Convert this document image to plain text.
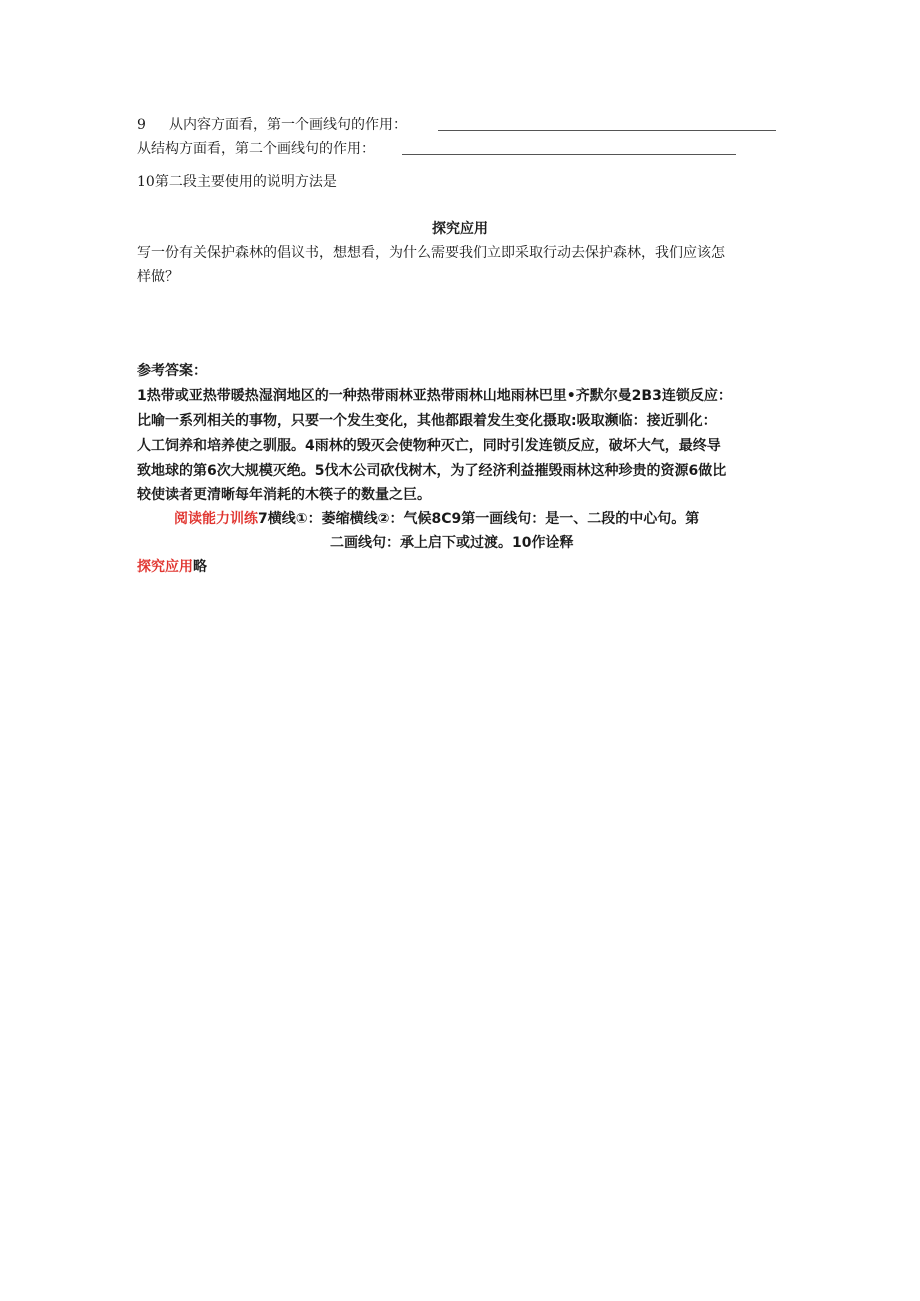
9 从内容方面看，第一个画线句的作用：
从结构方面看，第二个画线句的作用：
10第二段主要使用的说明方法是
探究应用
写一份有关保护森林的倡议书，想想看，为什么需要我们立即采取行动去保护森林，我们应该怎
样做？
参考答案：
1热带或亚热带暖热湿润地区的一种热带雨林亚热带雨林山地雨林巴里•齐默尔曼2B3连锁反应：
比喻一系列相关的事物，只要一个发生变化，其他都跟着发生变化摄取:吸取濒临：接近驯化：
人工饲养和培养使之驯服。4雨林的毁灭会使物种灭亡，同时引发连锁反应，破坏大气，最终导
致地球的第6次大规模灭绝。5伐木公司砍伐树木，为了经济利益摧毁雨林这种珍贵的资源6做比
较使读者更清晰每年消耗的木筷子的数量之巨。
阅读能力训练7横线①：萎缩横线②：气候8C9第一画线句：是一、二段的中心句。第
二画线句：承上启下或过渡。10作诠释
探究应用略
